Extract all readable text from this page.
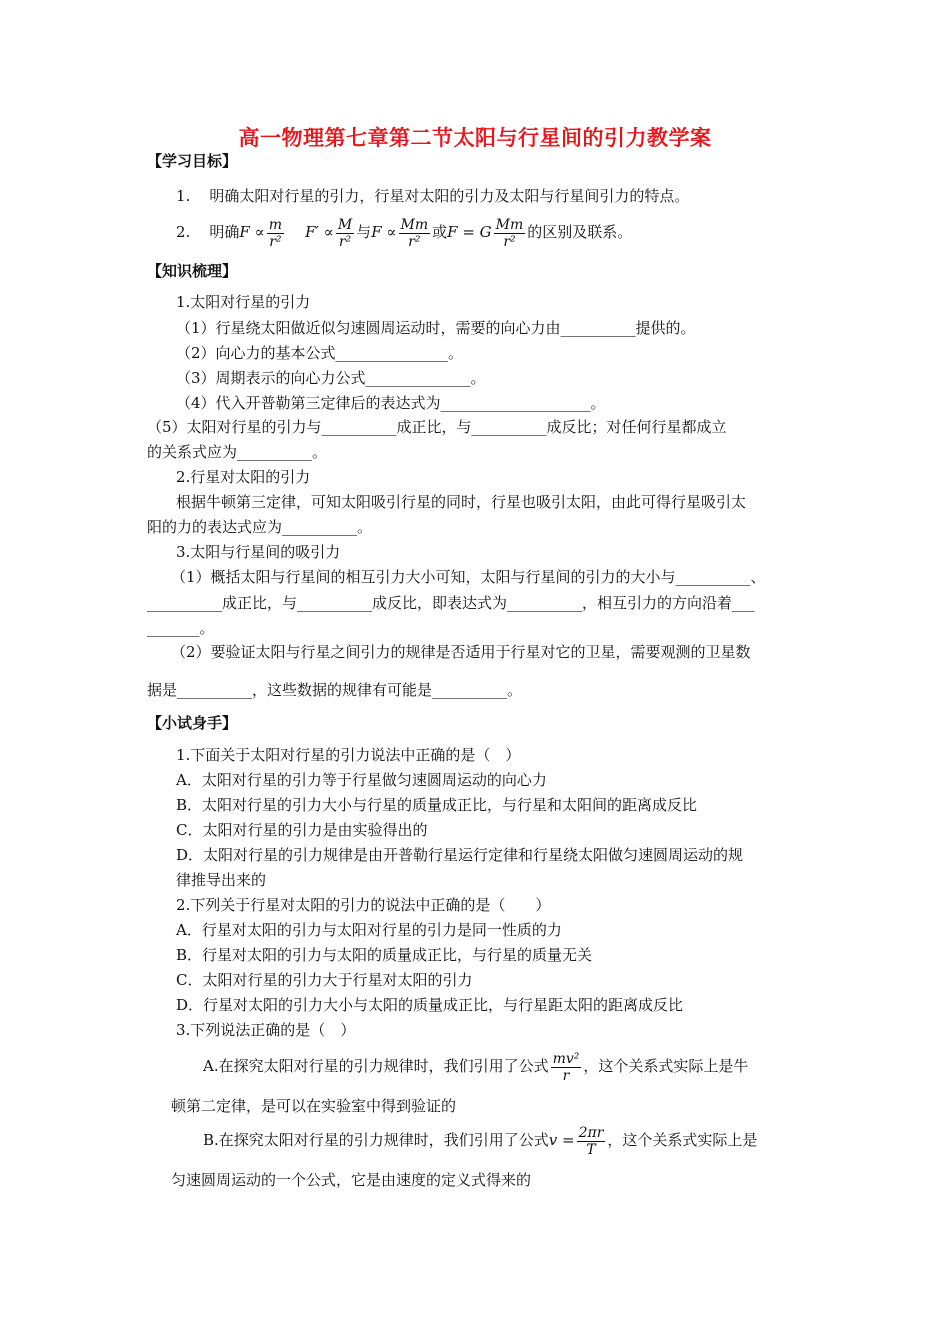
高一物理第七章第二节太阳与行星间的引力教学案
【学习目标】
1. 明确太阳对行星的引力，行星对太阳的引力及太阳与行星间引力的特点。
2. 明确$F \propto \frac{m}{\text{r²}} F' \propto \frac{M}{\text{r²}}$ 与$F \propto \frac{Mm}{\text{r²}}$ 或F = G $\frac{Mm}{\text{r²}}$ 的区别及联系。
【知识梳理】
1.太阳对行星的引力
（1）行星绕太阳做近似匀速圆周运动时，需要的向心力由__________提供的。
（2）向心力的基本公式_______________。
（3）周期表示的向心力公式______________。
（4）代入开普勒第三定律后的表达式为____________________。
（5）太阳对行星的引力与__________成正比，与__________成反比；对任何行星都成立
的关系式应为__________。
2.行星对太阳的引力
根据牛顿第三定律，可知太阳吸引行星的同时，行星也吸引太阳，由此可得行星吸引太
阳的力的表达式应为__________。
3.太阳与行星间的吸引力
（1）概括太阳与行星间的相互引力大小可知，太阳与行星间的引力的大小与__________、
__________成正比，与__________成反比，即表达式为__________，相互引力的方向沿着___
_______。
（2）要验证太阳与行星之间引力的规律是否适用于行星对它的卫星，需要观测的卫星数
据是__________，这些数据的规律有可能是__________。
【小试身手】
1.下面关于太阳对行星的引力说法中正确的是（　）
A．太阳对行星的引力等于行星做匀速圆周运动的向心力
B．太阳对行星的引力大小与行星的质量成正比，与行星和太阳间的距离成反比
C．太阳对行星的引力是由实验得出的
D．太阳对行星的引力规律是由开普勒行星运行定律和行星绕太阳做匀速圆周运动的规
律推导出来的
2.下列关于行星对太阳的引力的说法中正确的是（　　）
A．行星对太阳的引力与太阳对行星的引力是同一性质的力
B．行星对太阳的引力与太阳的质量成正比，与行星的质量无关
C．太阳对行星的引力大于行星对太阳的引力
D．行星对太阳的引力大小与太阳的质量成正比，与行星距太阳的距离成反比
3.下列说法正确的是（　）
A.在探究太阳对行星的引力规律时，我们引用了公式 $\frac{\text{mv²}}{r}$ ，这个关系式实际上是牛
顿第二定律，是可以在实验室中得到验证的
B.在探究太阳对行星的引力规律时，我们引用了公式$v = \frac{2\pi r}{T}$ ，这个关系式实际上是
匀速圆周运动的一个公式，它是由速度的定义式得来的
